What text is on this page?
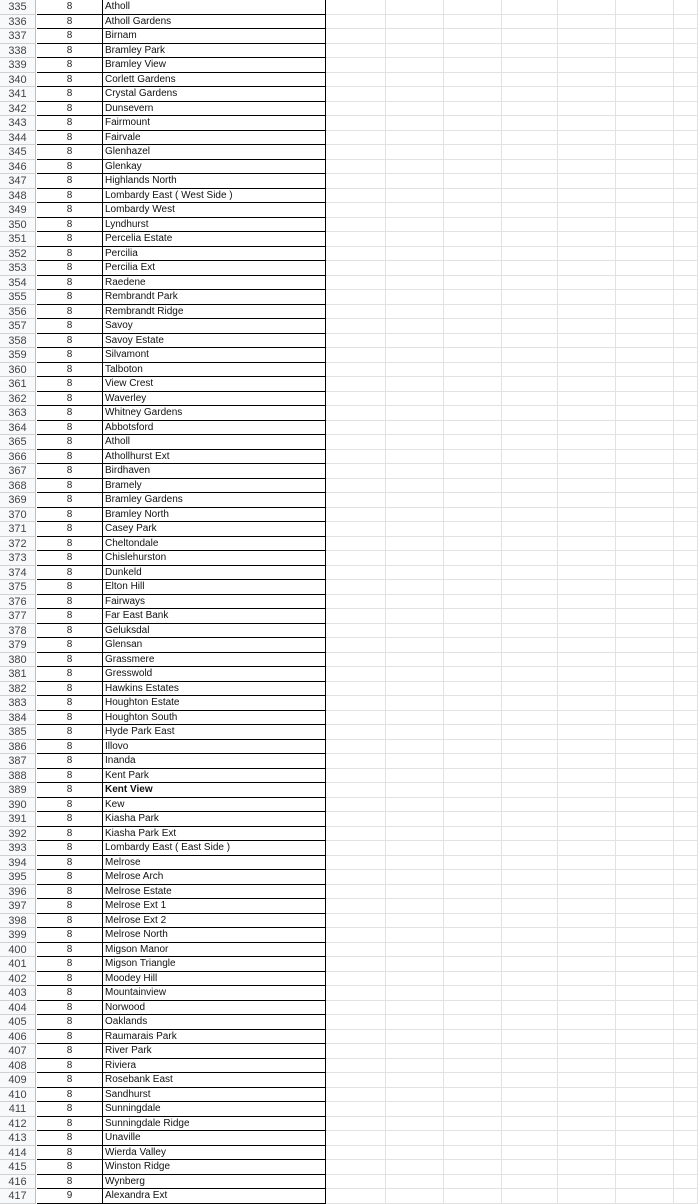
335	8	Atholl
336	8	Atholl Gardens
337	8	Birnam
338	8	Bramley Park
339	8	Bramley View
340	8	Corlett Gardens
341	8	Crystal Gardens
342	8	Dunsevern
343	8	Fairmount
344	8	Fairvale
345	8	Glenhazel
346	8	Glenkay
347	8	Highlands North
348	8	Lombardy East ( West Side )
349	8	Lombardy West
350	8	Lyndhurst
351	8	Percelia Estate
352	8	Percilia
353	8	Percilia Ext
354	8	Raedene
355	8	Rembrandt Park
356	8	Rembrandt Ridge
357	8	Savoy
358	8	Savoy Estate
359	8	Silvamont
360	8	Talboton
361	8	View Crest
362	8	Waverley
363	8	Whitney Gardens
364	8	Abbotsford
365	8	Atholl
366	8	Athollhurst Ext
367	8	Birdhaven
368	8	Bramely
369	8	Bramley Gardens
370	8	Bramley North
371	8	Casey Park
372	8	Cheltondale
373	8	Chislehurston
374	8	Dunkeld
375	8	Elton Hill
376	8	Fairways
377	8	Far East Bank
378	8	Geluksdal
379	8	Glensan
380	8	Grassmere
381	8	Gresswold
382	8	Hawkins Estates
383	8	Houghton Estate
384	8	Houghton South
385	8	Hyde Park East
386	8	Illovo
387	8	Inanda
388	8	Kent Park
389	8	Kent View
390	8	Kew
391	8	Kiasha Park
392	8	Kiasha Park Ext
393	8	Lombardy East ( East Side )
394	8	Melrose
395	8	Melrose Arch
396	8	Melrose Estate
397	8	Melrose Ext 1
398	8	Melrose Ext 2
399	8	Melrose North
400	8	Migson Manor
401	8	Migson Triangle
402	8	Moodey Hill
403	8	Mountainview
404	8	Norwood
405	8	Oaklands
406	8	Raumarais Park
407	8	River Park
408	8	Riviera
409	8	Rosebank East
410	8	Sandhurst
411	8	Sunningdale
412	8	Sunningdale Ridge
413	8	Unaville
414	8	Wierda Valley
415	8	Winston Ridge
416	8	Wynberg
417	9	Alexandra Ext
